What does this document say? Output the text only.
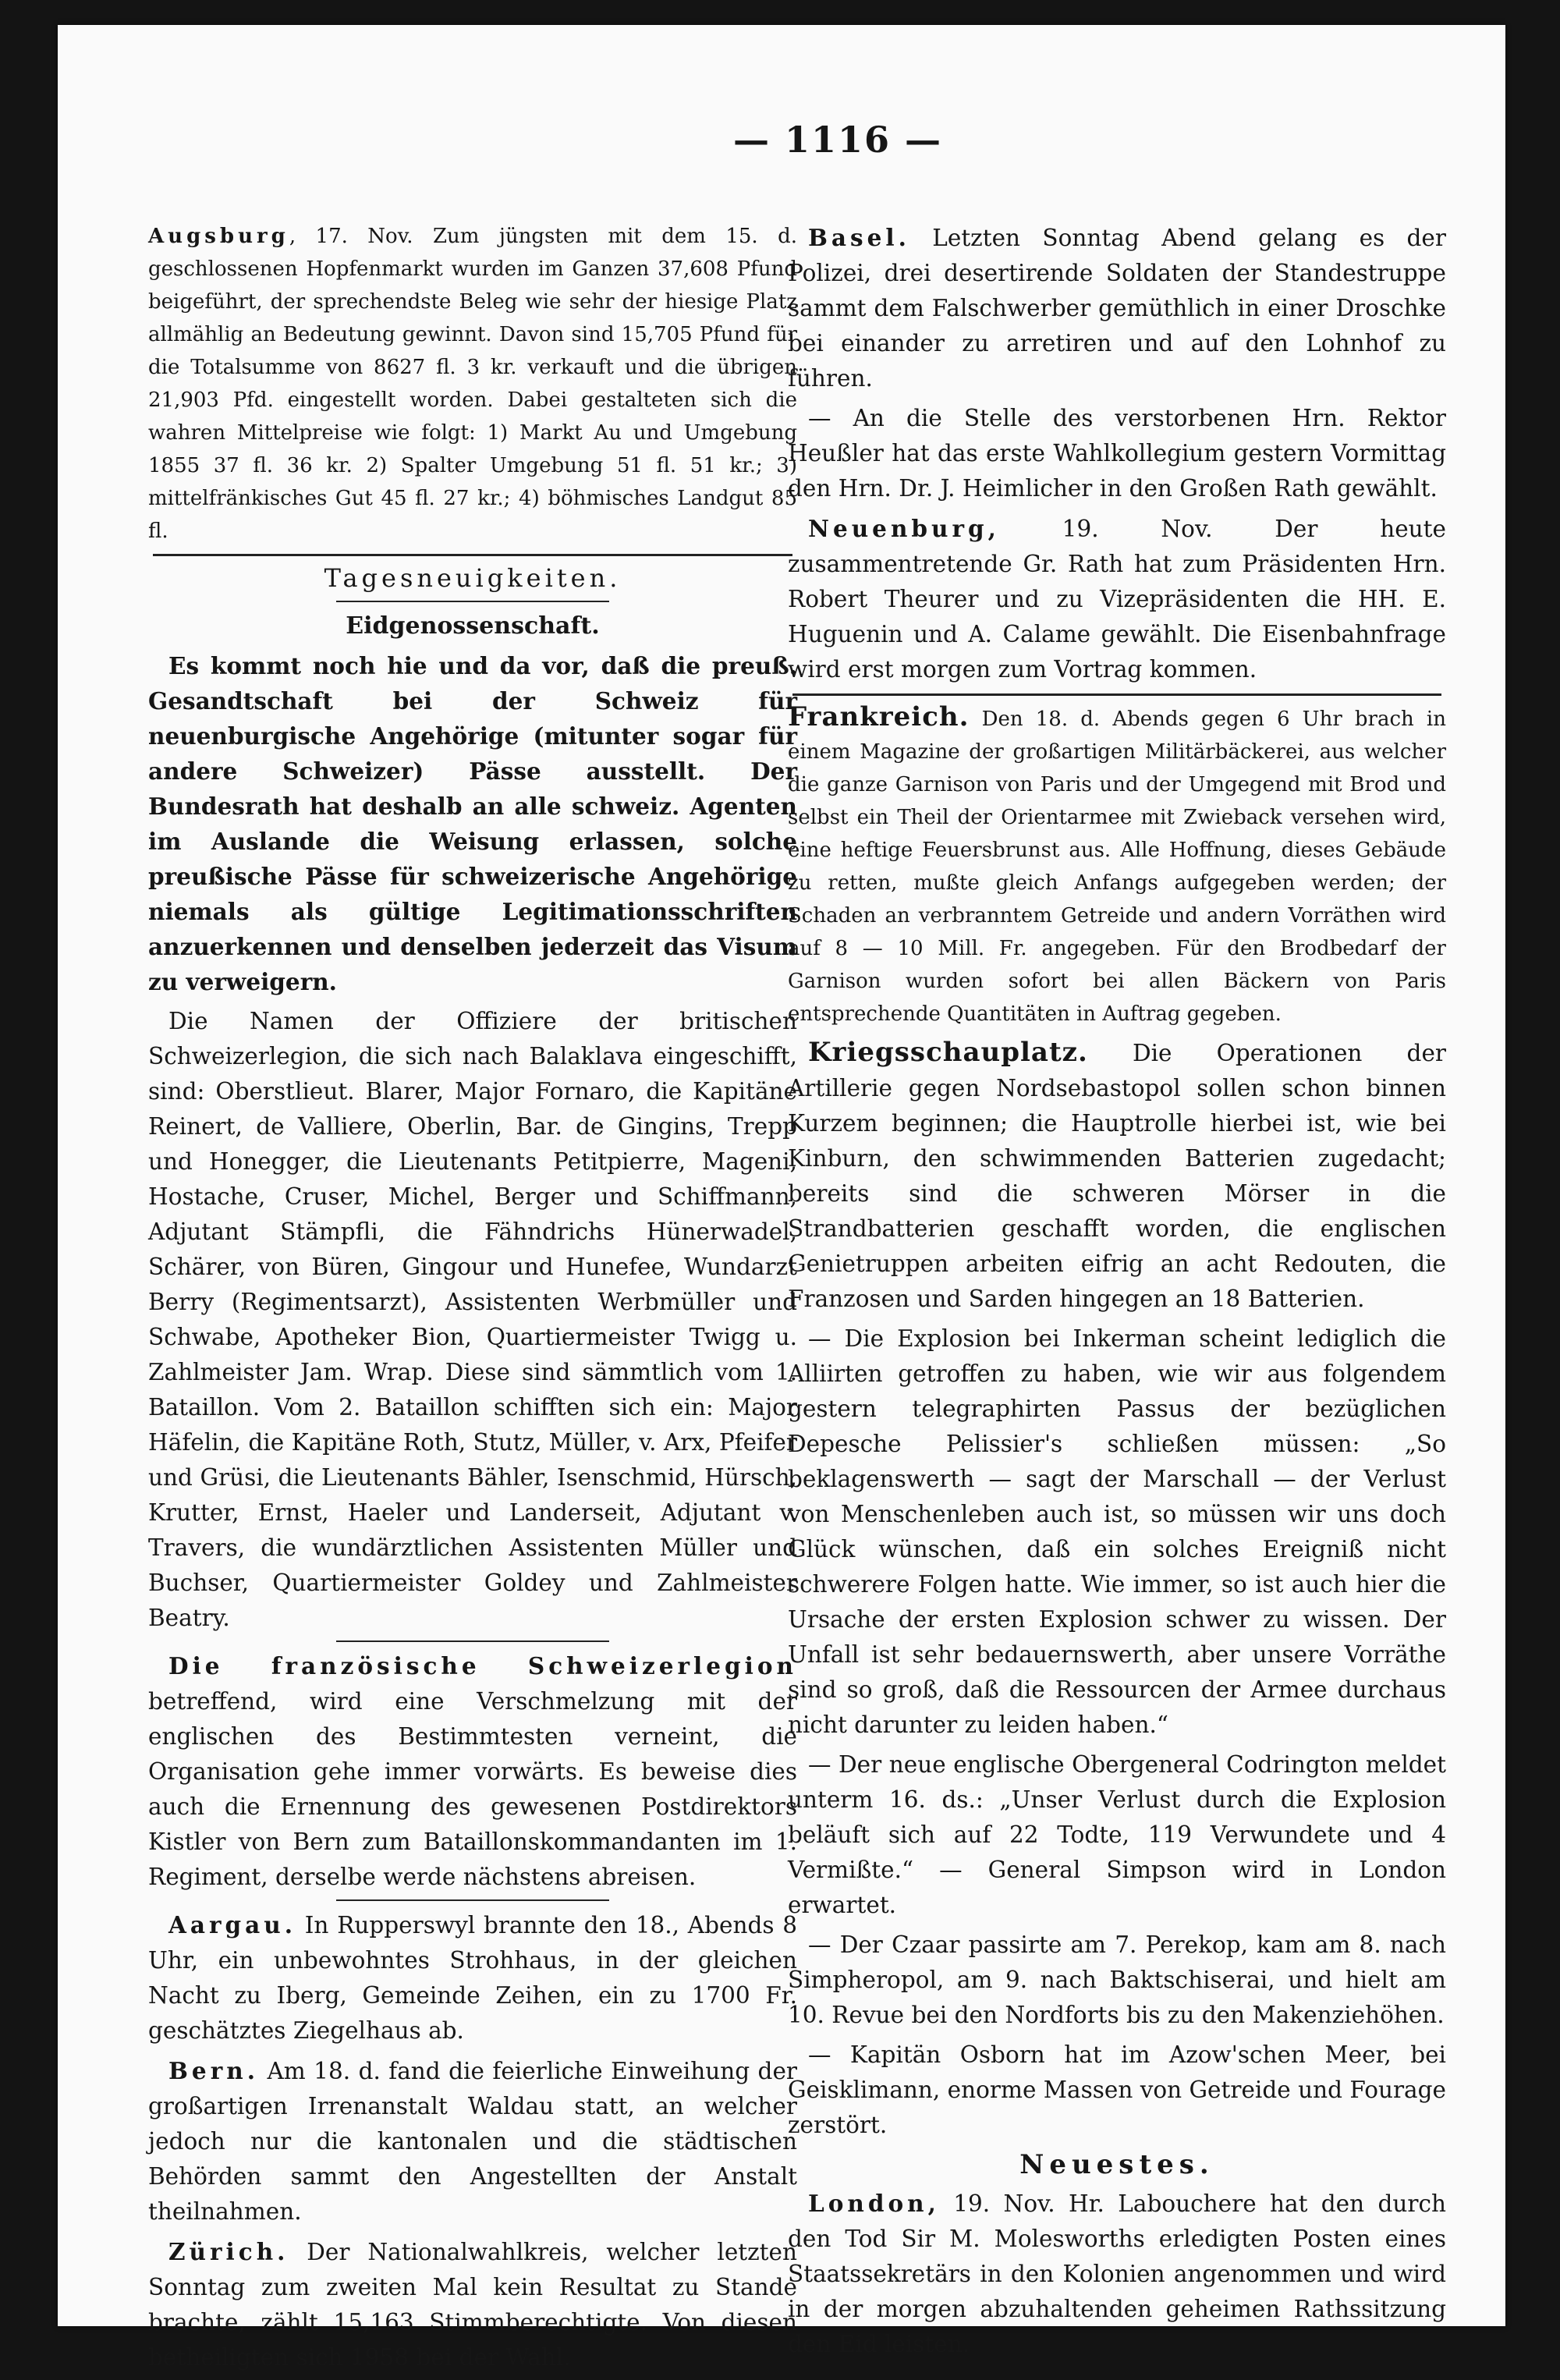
— 1116 —

Augsburg, 17. Nov. Zum jüngsten mit dem 15. d. geschlossenen Hopfenmarkt wurden im Ganzen 37,608 Pfund beigeführt, der sprechendste Beleg wie sehr der hiesige Platz allmählig an Bedeutung gewinnt. Davon sind 15,705 Pfund für die Totalsumme von 8627 fl. 3 kr. verkauft und die übrigen 21,903 Pfd. eingestellt worden. Dabei gestalteten sich die wahren Mittelpreise wie folgt: 1) Markt Au und Umgebung 1855 37 fl. 36 kr. 2) Spalter Umgebung 51 fl. 51 kr.; 3) mittelfränkisches Gut 45 fl. 27 kr.; 4) böhmisches Landgut 85 fl.

Tagesneuigkeiten.
Eidgenossenschaft.

Es kommt noch hie und da vor, daß die preuß. Gesandtschaft bei der Schweiz für neuenburgische Angehörige (mitunter sogar für andere Schweizer) Pässe ausstellt. Der Bundesrath hat deshalb an alle schweiz. Agenten im Auslande die Weisung erlassen, solche preußische Pässe für schweizerische Angehörige niemals als gültige Legitimationsschriften anzuerkennen und denselben jederzeit das Visum zu verweigern.

Die Namen der Offiziere der britischen Schweizerlegion, die sich nach Balaklava eingeschifft, sind: Oberstlieut. Blarer, Major Fornaro, die Kapitäne Reinert, de Valliere, Oberlin, Bar. de Gingins, Trepp und Honegger, die Lieutenants Petitpierre, Mageni, Hostache, Cruser, Michel, Berger und Schiffmann, Adjutant Stämpfli, die Fähndrichs Hünerwadel, Schärer, von Büren, Gingour und Hunefee, Wundarzt Berry (Regimentsarzt), Assistenten Werbmüller und Schwabe, Apotheker Bion, Quartiermeister Twigg u. Zahlmeister Jam. Wrap. Diese sind sämmtlich vom 1. Bataillon. Vom 2. Bataillon schifften sich ein: Major Häfelin, die Kapitäne Roth, Stutz, Müller, v. Arx, Pfeifer und Grüsi, die Lieutenants Bähler, Isenschmid, Hürsch, Krutter, Ernst, Haeler und Landerseit, Adjutant v. Travers, die wundärztlichen Assistenten Müller und Buchser, Quartiermeister Goldey und Zahlmeister Beatry.

Die französische Schweizerlegion betreffend, wird eine Verschmelzung mit der englischen des Bestimmtesten verneint, die Organisation gehe immer vorwärts. Es beweise dies auch die Ernennung des gewesenen Postdirektors Kistler von Bern zum Bataillonskommandanten im 1. Regiment, derselbe werde nächstens abreisen.

Aargau. In Rupperswyl brannte den 18., Abends 8 Uhr, ein unbewohntes Strohhaus, in der gleichen Nacht zu Iberg, Gemeinde Zeihen, ein zu 1700 Fr. geschätztes Ziegelhaus ab.

Bern. Am 18. d. fand die feierliche Einweihung der großartigen Irrenanstalt Waldau statt, an welcher jedoch nur die kantonalen und die städtischen Behörden sammt den Angestellten der Anstalt theilnahmen.

Zürich. Der Nationalwahlkreis, welcher letzten Sonntag zum zweiten Mal kein Resultat zu Stande brachte, zählt 15,163 Stimmberechtigte. Von diesen betheiligten sich 1958 bei der Wahl.

Basel. Letzten Sonntag Abend gelang es der Polizei, drei desertirende Soldaten der Standestruppe sammt dem Falschwerber gemüthlich in einer Droschke bei einander zu arretiren und auf den Lohnhof zu führen.

— An die Stelle des verstorbenen Hrn. Rektor Heußler hat das erste Wahlkollegium gestern Vormittag den Hrn. Dr. J. Heimlicher in den Großen Rath gewählt.

Neuenburg, 19. Nov. Der heute zusammentretende Gr. Rath hat zum Präsidenten Hrn. Robert Theurer und zu Vizepräsidenten die HH. E. Huguenin und A. Calame gewählt. Die Eisenbahnfrage wird erst morgen zum Vortrag kommen.

Frankreich. Den 18. d. Abends gegen 6 Uhr brach in einem Magazine der großartigen Militärbäckerei, aus welcher die ganze Garnison von Paris und der Umgegend mit Brod und selbst ein Theil der Orientarmee mit Zwieback versehen wird, eine heftige Feuersbrunst aus. Alle Hoffnung, dieses Gebäude zu retten, mußte gleich Anfangs aufgegeben werden; der Schaden an verbranntem Getreide und andern Vorräthen wird auf 8 — 10 Mill. Fr. angegeben. Für den Brodbedarf der Garnison wurden sofort bei allen Bäckern von Paris entsprechende Quantitäten in Auftrag gegeben.

Kriegsschauplatz. Die Operationen der Artillerie gegen Nordsebastopol sollen schon binnen Kurzem beginnen; die Hauptrolle hierbei ist, wie bei Kinburn, den schwimmenden Batterien zugedacht; bereits sind die schweren Mörser in die Strandbatterien geschafft worden, die englischen Genietruppen arbeiten eifrig an acht Redouten, die Franzosen und Sarden hingegen an 18 Batterien.

— Die Explosion bei Inkerman scheint lediglich die Alliirten getroffen zu haben, wie wir aus folgendem gestern telegraphirten Passus der bezüglichen Depesche Pelissier's schließen müssen: „So beklagenswerth — sagt der Marschall — der Verlust von Menschenleben auch ist, so müssen wir uns doch Glück wünschen, daß ein solches Ereigniß nicht schwerere Folgen hatte. Wie immer, so ist auch hier die Ursache der ersten Explosion schwer zu wissen. Der Unfall ist sehr bedauernswerth, aber unsere Vorräthe sind so groß, daß die Ressourcen der Armee durchaus nicht darunter zu leiden haben.“

— Der neue englische Obergeneral Codrington meldet unterm 16. ds.: „Unser Verlust durch die Explosion beläuft sich auf 22 Todte, 119 Verwundete und 4 Vermißte.“ — General Simpson wird in London erwartet.

— Der Czaar passirte am 7. Perekop, kam am 8. nach Simpheropol, am 9. nach Baktschiserai, und hielt am 10. Revue bei den Nordforts bis zu den Makenziehöhen.

— Kapitän Osborn hat im Azow'schen Meer, bei Geisklimann, enorme Massen von Getreide und Fourage zerstört.

Neuestes.

London, 19. Nov. Hr. Labouchere hat den durch den Tod Sir M. Molesworths erledigten Posten eines Staatssekretärs in den Kolonien angenommen und wird in der morgen abzuhaltenden geheimen Rathssitzung den Eid leisten.
